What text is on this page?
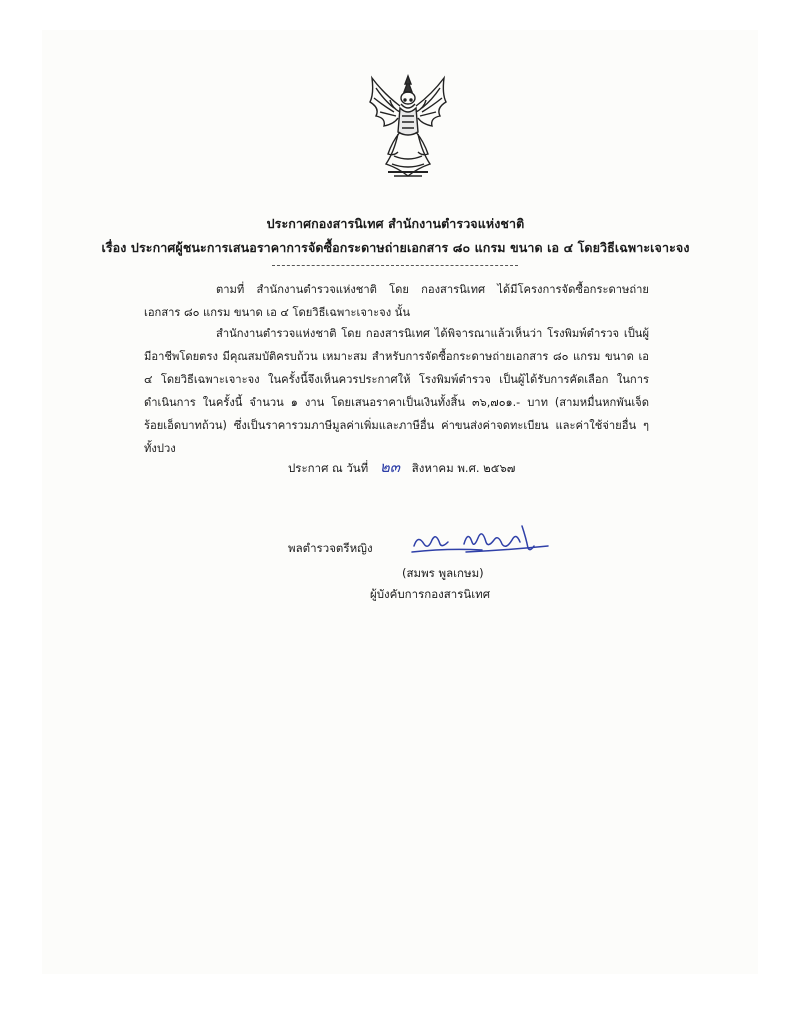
ประกาศกองสารนิเทศ สำนักงานตำรวจแห่งชาติ
เรื่อง ประกาศผู้ชนะการเสนอราคาการจัดซื้อกระดาษถ่ายเอกสาร ๘๐ แกรม ขนาด เอ ๔ โดยวิธีเฉพาะเจาะจง
ตามที่ สำนักงานตำรวจแห่งชาติ โดย กองสารนิเทศ ได้มีโครงการจัดซื้อกระดาษถ่ายเอกสาร ๘๐ แกรม ขนาด เอ ๔ โดยวิธีเฉพาะเจาะจง นั้น
สำนักงานตำรวจแห่งชาติ โดย กองสารนิเทศ ได้พิจารณาแล้วเห็นว่า โรงพิมพ์ตำรวจ เป็นผู้มีอาชีพโดยตรง มีคุณสมบัติครบถ้วน เหมาะสม สำหรับการจัดซื้อกระดาษถ่ายเอกสาร ๘๐ แกรม ขนาด เอ ๔ โดยวิธีเฉพาะเจาะจง ในครั้งนี้จึงเห็นควรประกาศให้ โรงพิมพ์ตำรวจ เป็นผู้ได้รับการคัดเลือก ในการดำเนินการ ในครั้งนี้ จำนวน ๑ งาน โดยเสนอราคาเป็นเงินทั้งสิ้น ๓๖,๗๐๑.- บาท (สามหมื่นหกพันเจ็ดร้อยเอ็ดบาทถ้วน) ซึ่งเป็นราคารวมภาษีมูลค่าเพิ่มและภาษีอื่น ค่าขนส่งค่าจดทะเบียน และค่าใช้จ่ายอื่น ๆ ทั้งปวง
ประกาศ ณ วันที่ ๒๓ สิงหาคม พ.ศ. ๒๕๖๗
พลตำรวจตรีหญิง
(สมพร พูลเกษม)
ผู้บังคับการกองสารนิเทศ
